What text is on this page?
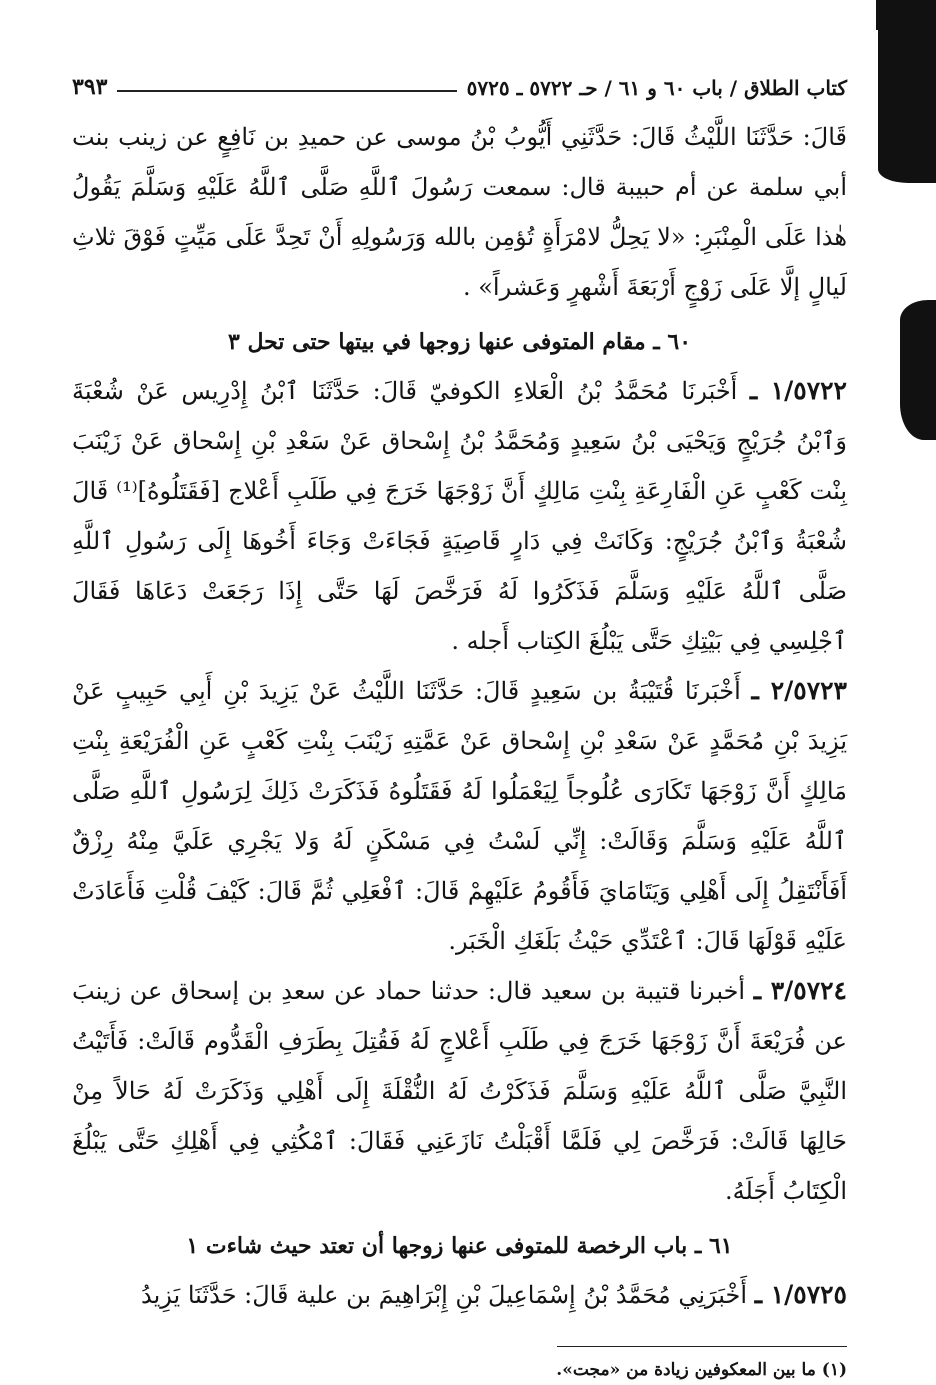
كتاب الطلاق / باب ٦٠ و ٦١ / حـ ٥٧٢٢ ـ ٥٧٢٥
٣٩٣

قَالَ: حَدَّثَنَا اللَّيْثُ قَالَ: حَدَّثَنِي أَيُّوبُ بْنُ موسى عن حميدِ بن نَافِعٍ عن زينب بنت أبي سلمة عن أم حبيبة قال: سمعت رَسُولَ ٱللَّهِ صَلَّى ٱللَّهُ عَلَيْهِ وَسَلَّمَ يَقُولُ هٰذا عَلَى الْمِنْبَرِ: «لا يَحِلُّ لامْرَأَةٍ تُؤمِن بالله وَرَسُولِهِ أَنْ تَحِدَّ عَلَى مَيِّتٍ فَوْقَ ثلاثِ لَيالٍ إلَّا عَلَى زَوْجٍ أَرْبَعَةَ أَشْهرٍ وَعَشراً» .

٦٠ ـ مقام المتوفى عنها زوجها في بيتها حتى تحل ٣

١/٥٧٢٢ ـ أَخْبَرنَا مُحَمَّدُ بْنُ الْعَلاءِ الكوفيّ قَالَ: حَدَّثَنَا ٱبْنُ إِدْرِيس عَنْ شُعْبَةَ وَٱبْنُ جُرَيْجٍ وَيَحْيَى بْنُ سَعِيدٍ وَمُحَمَّدُ بْنُ إِسْحاق عَنْ سَعْدِ بْنِ إِسْحاق عَنْ زَيْنَبَ بِنْت كَعْبٍ عَنِ الْفَارِعَةِ بِنْتِ مَالِكٍ أَنَّ زَوْجَهَا خَرَجَ فِي طَلَبِ أَعْلاج [فَقَتَلُوهُ]⁽¹⁾ قَالَ شُعْبَةُ وَٱبْنُ جُرَيْجٍ: وَكَانَتْ فِي دَارٍ قَاصِيَةٍ فَجَاءَتْ وَجَاءَ أَخُوهَا إِلَى رَسُولِ ٱللَّهِ صَلَّى ٱللَّهُ عَلَيْهِ وَسَلَّمَ فَذَكَرُوا لَهُ فَرَخَّصَ لَهَا حَتَّى إِذَا رَجَعَتْ دَعَاهَا فَقَالَ ٱجْلِسِي فِي بَيْتِكِ حَتَّى يَبْلُغَ الكِتاب أَجله .

٢/٥٧٢٣ ـ أَخْبَرنَا قُتَيْبَةُ بن سَعِيدٍ قَالَ: حَدَّثَنَا اللَّيْثُ عَنْ يَزِيدَ بْنِ أَبِي حَبِيبٍ عَنْ يَزِيدَ بْنِ مُحَمَّدٍ عَنْ سَعْدِ بْنِ إِسْحاق عَنْ عَمَّتِهِ زَيْنَبَ بِنْتِ كَعْبٍ عَنِ الْفُرَيْعَةِ بِنْتِ مَالِكٍ أَنَّ زَوْجَهَا تَكَارَى عُلُوجاً لِيَعْمَلُوا لَهُ فَقَتَلُوهُ فَذَكَرَتْ ذَلِكَ لِرَسُولِ ٱللَّهِ صَلَّى ٱللَّهُ عَلَيْهِ وَسَلَّمَ وَقَالَتْ: إِنِّي لَسْتُ فِي مَسْكَنٍ لَهُ وَلا يَجْرِي عَلَيَّ مِنْهُ رِزْقٌ أَفَأَنْتَقِلُ إِلَى أَهْلِي وَيَتَامَايَ فَأَقُومُ عَلَيْهِمْ قَالَ: ٱفْعَلِي ثُمَّ قَالَ: كَيْفَ قُلْتِ فَأَعَادَتْ عَلَيْهِ قَوْلَهَا قَالَ: ٱعْتَدِّي حَيْثُ بَلَغَكِ الْخَبَر.

٣/٥٧٢٤ ـ أخبرنا قتيبة بن سعيد قال: حدثنا حماد عن سعدِ بن إسحاق عن زينبَ عن فُرَيْعَةَ أَنَّ زَوْجَهَا خَرَجَ فِي طَلَبِ أَعْلاجٍ لَهُ فَقُتِلَ بِطَرَفِ الْقَدُّوم قَالَتْ: فَأَتَيْتُ النَّبِيَّ صَلَّى ٱللَّهُ عَلَيْهِ وَسَلَّمَ فَذَكَرْتُ لَهُ النُّقْلَةَ إِلَى أَهْلِي وَذَكَرَتْ لَهُ حَالاً مِنْ حَالِهَا قَالَتْ: فَرَخَّصَ لِي فَلَمَّا أَقْبَلْتُ نَازَعَنِي فَقَالَ: ٱمْكُثِي فِي أَهْلِكِ حَتَّى يَبْلُغَ الْكِتَابُ أَجَلَهُ.

٦١ ـ باب الرخصة للمتوفى عنها زوجها أن تعتد حيث شاءت ١

١/٥٧٢٥ ـ أَخْبَرَنِي مُحَمَّدُ بْنُ إِسْمَاعِيلَ بْنِ إِبْرَاهِيمَ بن علية قَالَ: حَدَّثَنَا يَزِيدُ

(١) ما بين المعكوفين زيادة من «مجت».
